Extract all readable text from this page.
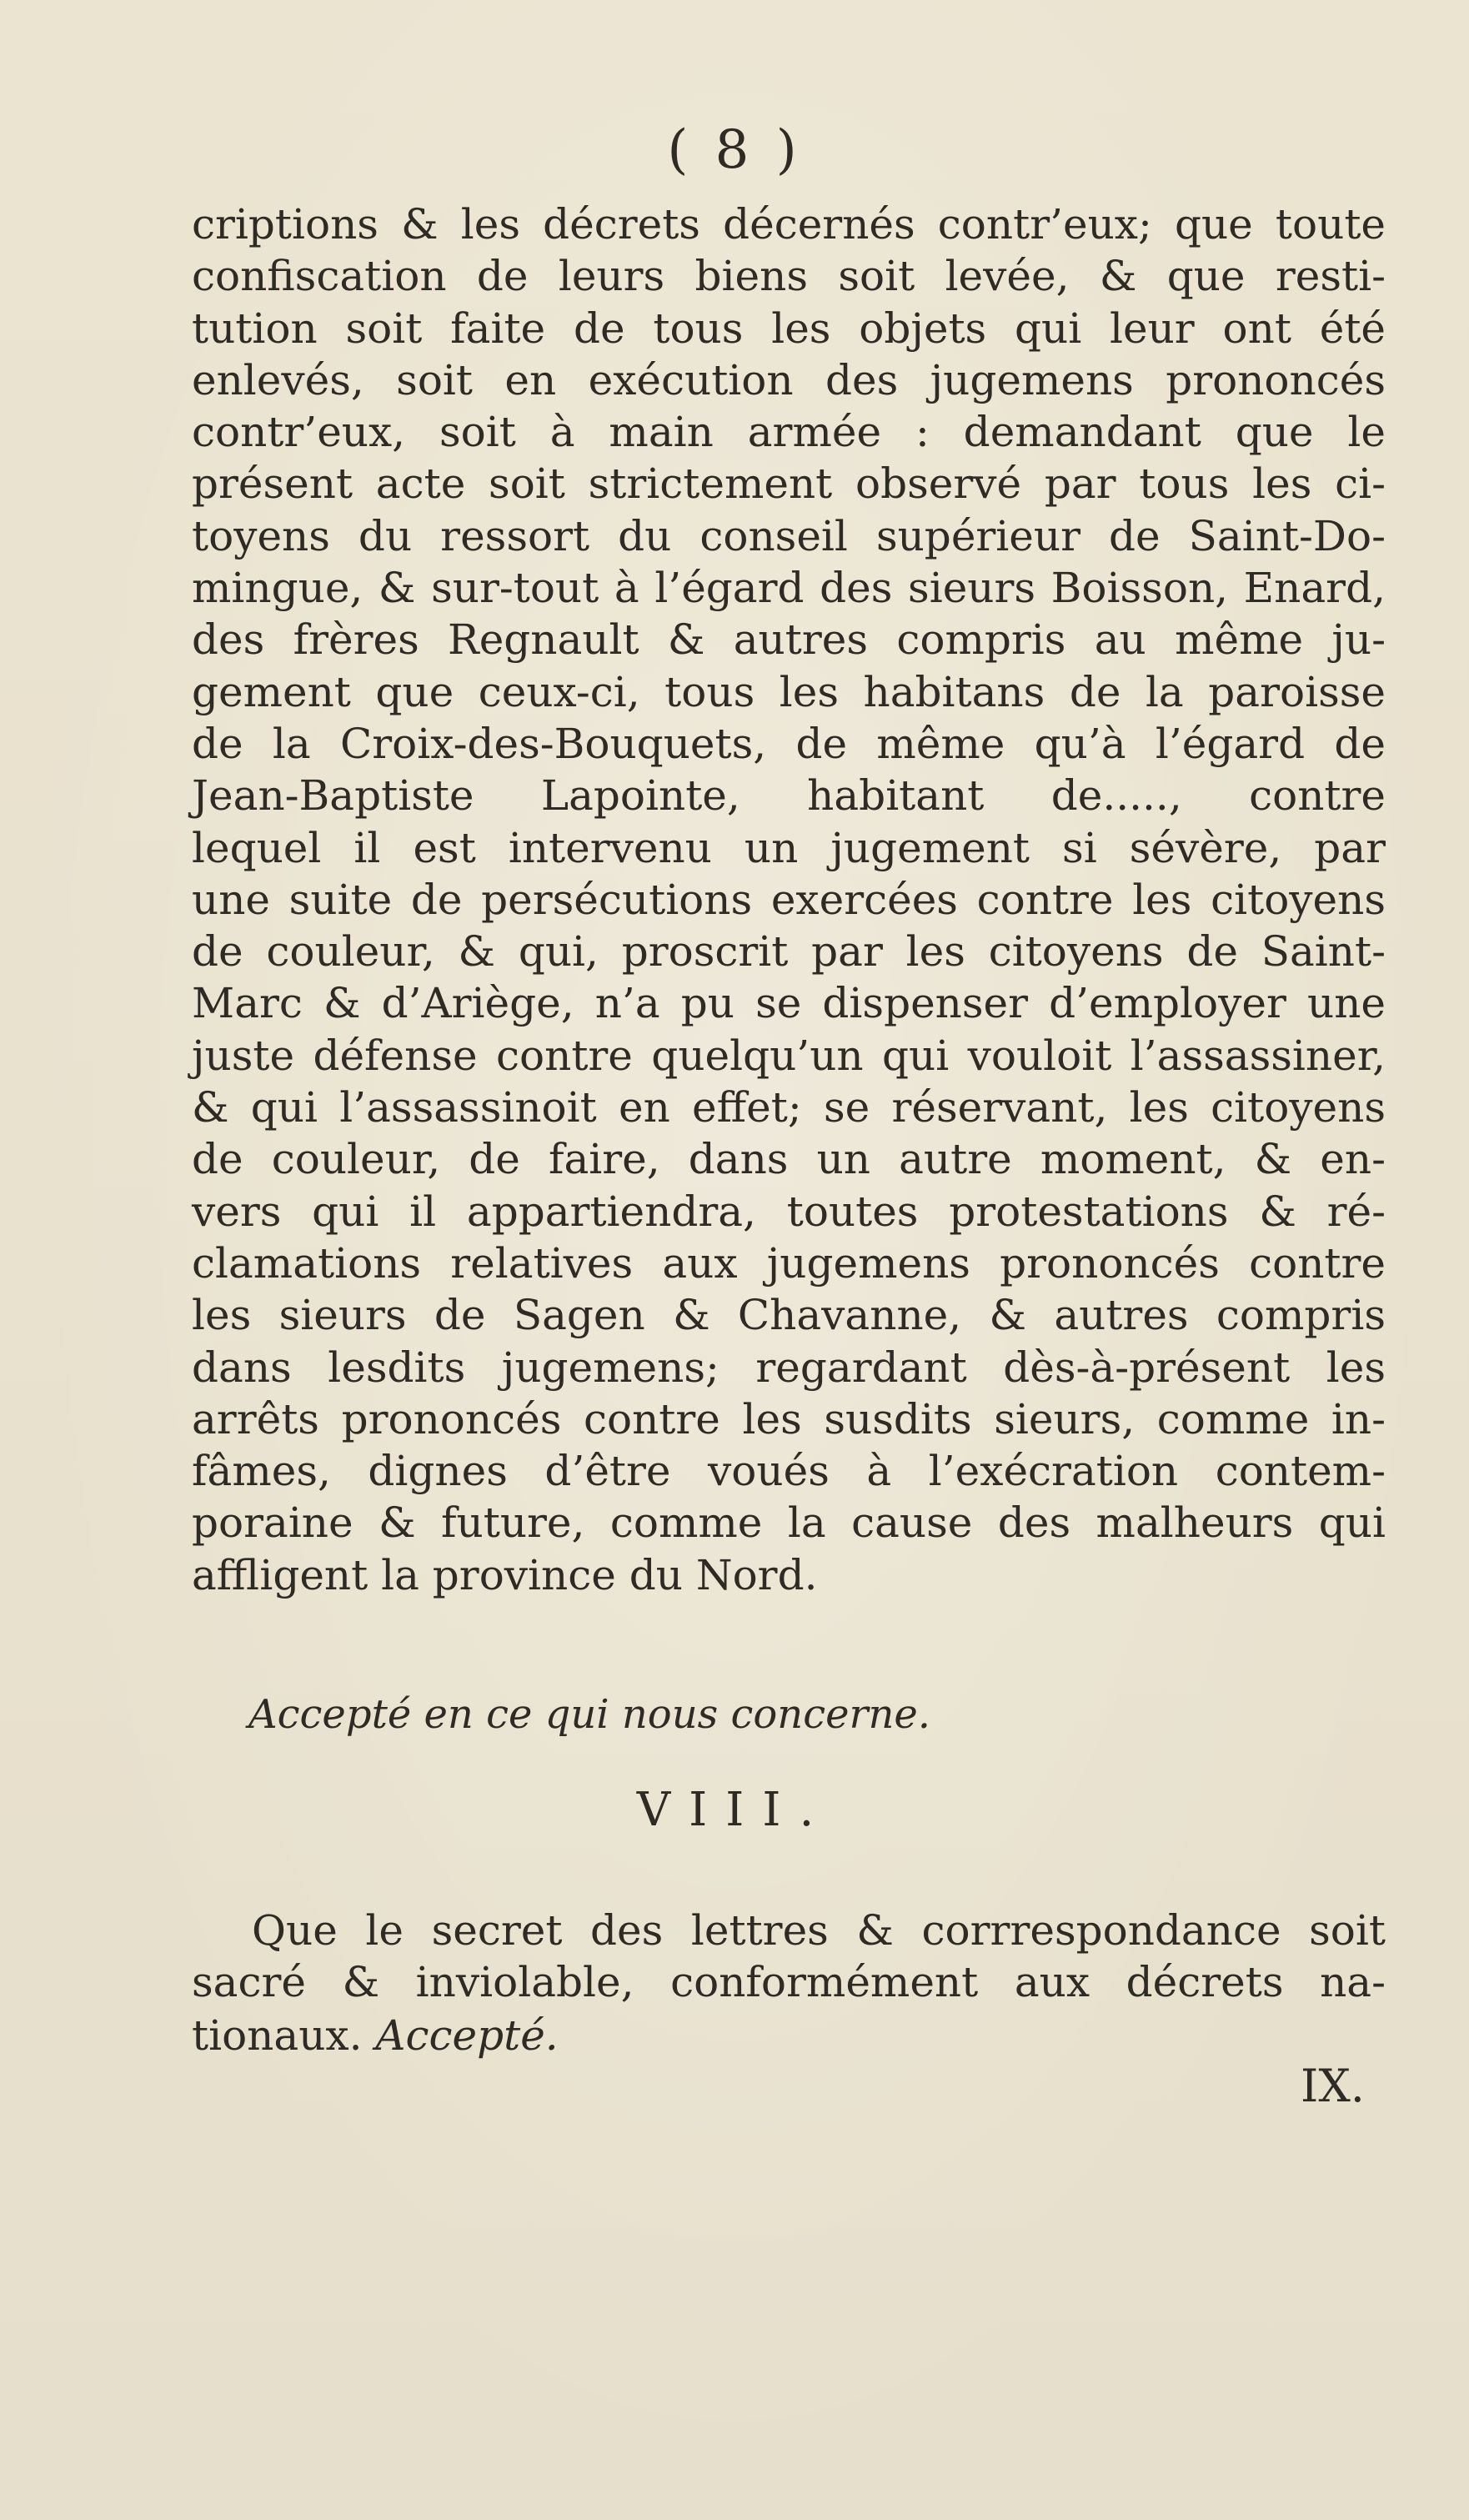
( 8 )
criptions & les décrets décernés contr’eux; que toute
confiscation de leurs biens soit levée, & que resti-
tution soit faite de tous les objets qui leur ont été
enlevés, soit en exécution des jugemens prononcés
contr’eux, soit à main armée : demandant que le
présent acte soit strictement observé par tous les ci-
toyens du ressort du conseil supérieur de Saint-Do-
mingue, & sur-tout à l’égard des sieurs Boisson, Enard,
des frères Regnault & autres compris au même ju-
gement que ceux-ci, tous les habitans de la paroisse
de la Croix-des-Bouquets, de même qu’à l’égard de
Jean-Baptiste Lapointe, habitant de....., contre
lequel il est intervenu un jugement si sévère, par
une suite de persécutions exercées contre les citoyens
de couleur, & qui, proscrit par les citoyens de Saint-
Marc & d’Ariège, n’a pu se dispenser d’employer une
juste défense contre quelqu’un qui vouloit l’assassiner,
& qui l’assassinoit en effet; se réservant, les citoyens
de couleur, de faire, dans un autre moment, & en-
vers qui il appartiendra, toutes protestations & ré-
clamations relatives aux jugemens prononcés contre
les sieurs de Sagen & Chavanne, & autres compris
dans lesdits jugemens; regardant dès-à-présent les
arrêts prononcés contre les susdits sieurs, comme in-
fâmes, dignes d’être voués à l’exécration contem-
poraine & future, comme la cause des malheurs qui
affligent la province du Nord.
Accepté en ce qui nous concerne.
VIII.
Que le secret des lettres & corrrespondance soit
sacré & inviolable, conformément aux décrets na-
tionaux. Accepté.
IX.
